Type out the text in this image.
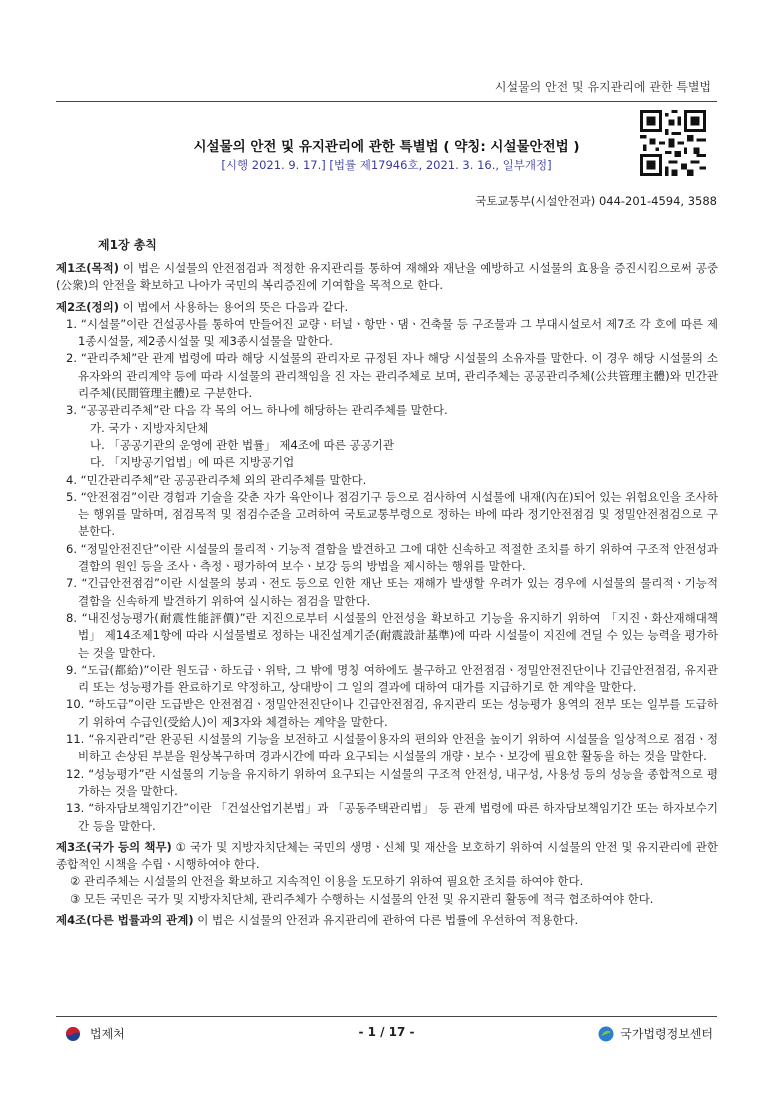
시설물의 안전 및 유지관리에 관한 특별법
시설물의 안전 및 유지관리에 관한 특별법 ( 약칭: 시설물안전법 )
[시행 2021. 9. 17.] [법률 제17946호, 2021. 3. 16., 일부개정]
국토교통부(시설안전과) 044-201-4594, 3588
제1장 총칙
제1조(목적) 이 법은 시설물의 안전점검과 적정한 유지관리를 통하여 재해와 재난을 예방하고 시설물의 효용을 증진시킴으로써 공중(公衆)의 안전을 확보하고 나아가 국민의 복리증진에 기여함을 목적으로 한다.
제2조(정의) 이 법에서 사용하는 용어의 뜻은 다음과 같다.
1. “시설물”이란 건설공사를 통하여 만들어진 교량ㆍ터널ㆍ항만ㆍ댐ㆍ건축물 등 구조물과 그 부대시설로서 제7조 각 호에 따른 제1종시설물, 제2종시설물 및 제3종시설물을 말한다.
2. “관리주체”란 관계 법령에 따라 해당 시설물의 관리자로 규정된 자나 해당 시설물의 소유자를 말한다. 이 경우 해당 시설물의 소유자와의 관리계약 등에 따라 시설물의 관리책임을 진 자는 관리주체로 보며, 관리주체는 공공관리주체(公共管理主體)와 민간관리주체(民間管理主體)로 구분한다.
3. “공공관리주체”란 다음 각 목의 어느 하나에 해당하는 관리주체를 말한다.
가. 국가ㆍ지방자치단체
나. 「공공기관의 운영에 관한 법률」 제4조에 따른 공공기관
다. 「지방공기업법」에 따른 지방공기업
4. “민간관리주체”란 공공관리주체 외의 관리주체를 말한다.
5. “안전점검”이란 경험과 기술을 갖춘 자가 육안이나 점검기구 등으로 검사하여 시설물에 내재(內在)되어 있는 위험요인을 조사하는 행위를 말하며, 점검목적 및 점검수준을 고려하여 국토교통부령으로 정하는 바에 따라 정기안전점검 및 정밀안전점검으로 구분한다.
6. “정밀안전진단”이란 시설물의 물리적ㆍ기능적 결함을 발견하고 그에 대한 신속하고 적절한 조치를 하기 위하여 구조적 안전성과 결함의 원인 등을 조사ㆍ측정ㆍ평가하여 보수ㆍ보강 등의 방법을 제시하는 행위를 말한다.
7. “긴급안전점검”이란 시설물의 붕괴ㆍ전도 등으로 인한 재난 또는 재해가 발생할 우려가 있는 경우에 시설물의 물리적ㆍ기능적 결함을 신속하게 발견하기 위하여 실시하는 점검을 말한다.
8. “내진성능평가(耐震性能評價)”란 지진으로부터 시설물의 안전성을 확보하고 기능을 유지하기 위하여 「지진ㆍ화산재해대책법」 제14조제1항에 따라 시설물별로 정하는 내진설계기준(耐震設計基準)에 따라 시설물이 지진에 견딜 수 있는 능력을 평가하는 것을 말한다.
9. “도급(都給)”이란 원도급ㆍ하도급ㆍ위탁, 그 밖에 명칭 여하에도 불구하고 안전점검ㆍ정밀안전진단이나 긴급안전점검, 유지관리 또는 성능평가를 완료하기로 약정하고, 상대방이 그 일의 결과에 대하여 대가를 지급하기로 한 계약을 말한다.
10. “하도급”이란 도급받은 안전점검ㆍ정밀안전진단이나 긴급안전점검, 유지관리 또는 성능평가 용역의 전부 또는 일부를 도급하기 위하여 수급인(受給人)이 제3자와 체결하는 계약을 말한다.
11. “유지관리”란 완공된 시설물의 기능을 보전하고 시설물이용자의 편의와 안전을 높이기 위하여 시설물을 일상적으로 점검ㆍ정비하고 손상된 부분을 원상복구하며 경과시간에 따라 요구되는 시설물의 개량ㆍ보수ㆍ보강에 필요한 활동을 하는 것을 말한다.
12. “성능평가”란 시설물의 기능을 유지하기 위하여 요구되는 시설물의 구조적 안전성, 내구성, 사용성 등의 성능을 종합적으로 평가하는 것을 말한다.
13. “하자담보책임기간”이란 「건설산업기본법」과 「공동주택관리법」 등 관계 법령에 따른 하자담보책임기간 또는 하자보수기간 등을 말한다.
제3조(국가 등의 책무) ① 국가 및 지방자치단체는 국민의 생명ㆍ신체 및 재산을 보호하기 위하여 시설물의 안전 및 유지관리에 관한 종합적인 시책을 수립ㆍ시행하여야 한다.
② 관리주체는 시설물의 안전을 확보하고 지속적인 이용을 도모하기 위하여 필요한 조치를 하여야 한다.
③ 모든 국민은 국가 및 지방자치단체, 관리주체가 수행하는 시설물의 안전 및 유지관리 활동에 적극 협조하여야 한다.
제4조(다른 법률과의 관계) 이 법은 시설물의 안전과 유지관리에 관하여 다른 법률에 우선하여 적용한다.
법제처	- 1 / 17 -	국가법령정보센터
